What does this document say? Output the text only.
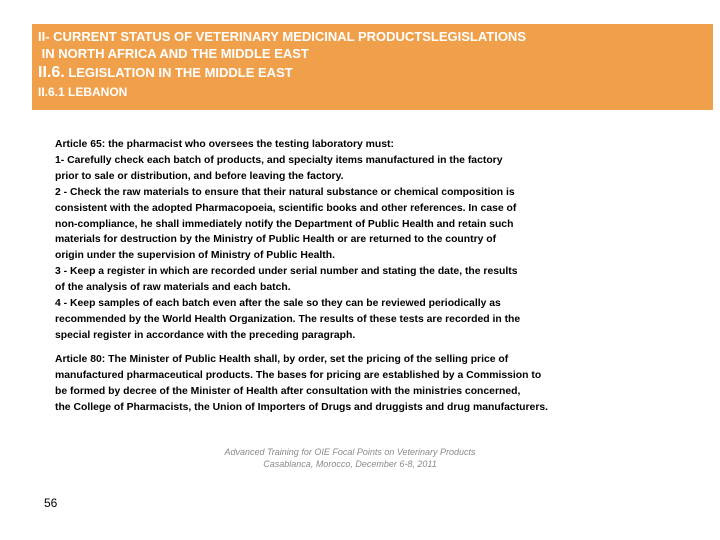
II- CURRENT STATUS OF VETERINARY MEDICINAL PRODUCTSLEGISLATIONS
IN NORTH AFRICA AND THE MIDDLE EAST
II.6. LEGISLATION IN THE MIDDLE EAST
II.6.1 LEBANON
Article 65: the pharmacist who oversees the testing laboratory must:
1- Carefully check each batch of products, and specialty items manufactured in the factory
prior to sale or distribution, and before leaving the factory.
2 - Check the raw materials to ensure that their natural substance or chemical composition is
consistent with the adopted Pharmacopoeia, scientific books and other references. In case of
non-compliance, he shall immediately notify the Department of Public Health and retain such
materials for destruction by the Ministry of Public Health or are returned to the country of
origin under the supervision of Ministry of Public Health.
3 - Keep a register in which are recorded under serial number and stating the date, the results
of the analysis of raw materials and each batch.
4 - Keep samples of each batch even after the sale so they can be reviewed periodically as
recommended by the World Health Organization. The results of these tests are recorded in the
special register in accordance with the preceding paragraph.
Article 80: The Minister of Public Health shall, by order, set the pricing of the selling price of
manufactured pharmaceutical products. The bases for pricing are established by a Commission to
be formed by decree of the Minister of Health after consultation with the ministries concerned,
the College of Pharmacists, the Union of Importers of Drugs and druggists and drug manufacturers.
Advanced Training for OIE Focal Points on Veterinary Products
Casablanca, Morocco, December 6-8, 2011
56
